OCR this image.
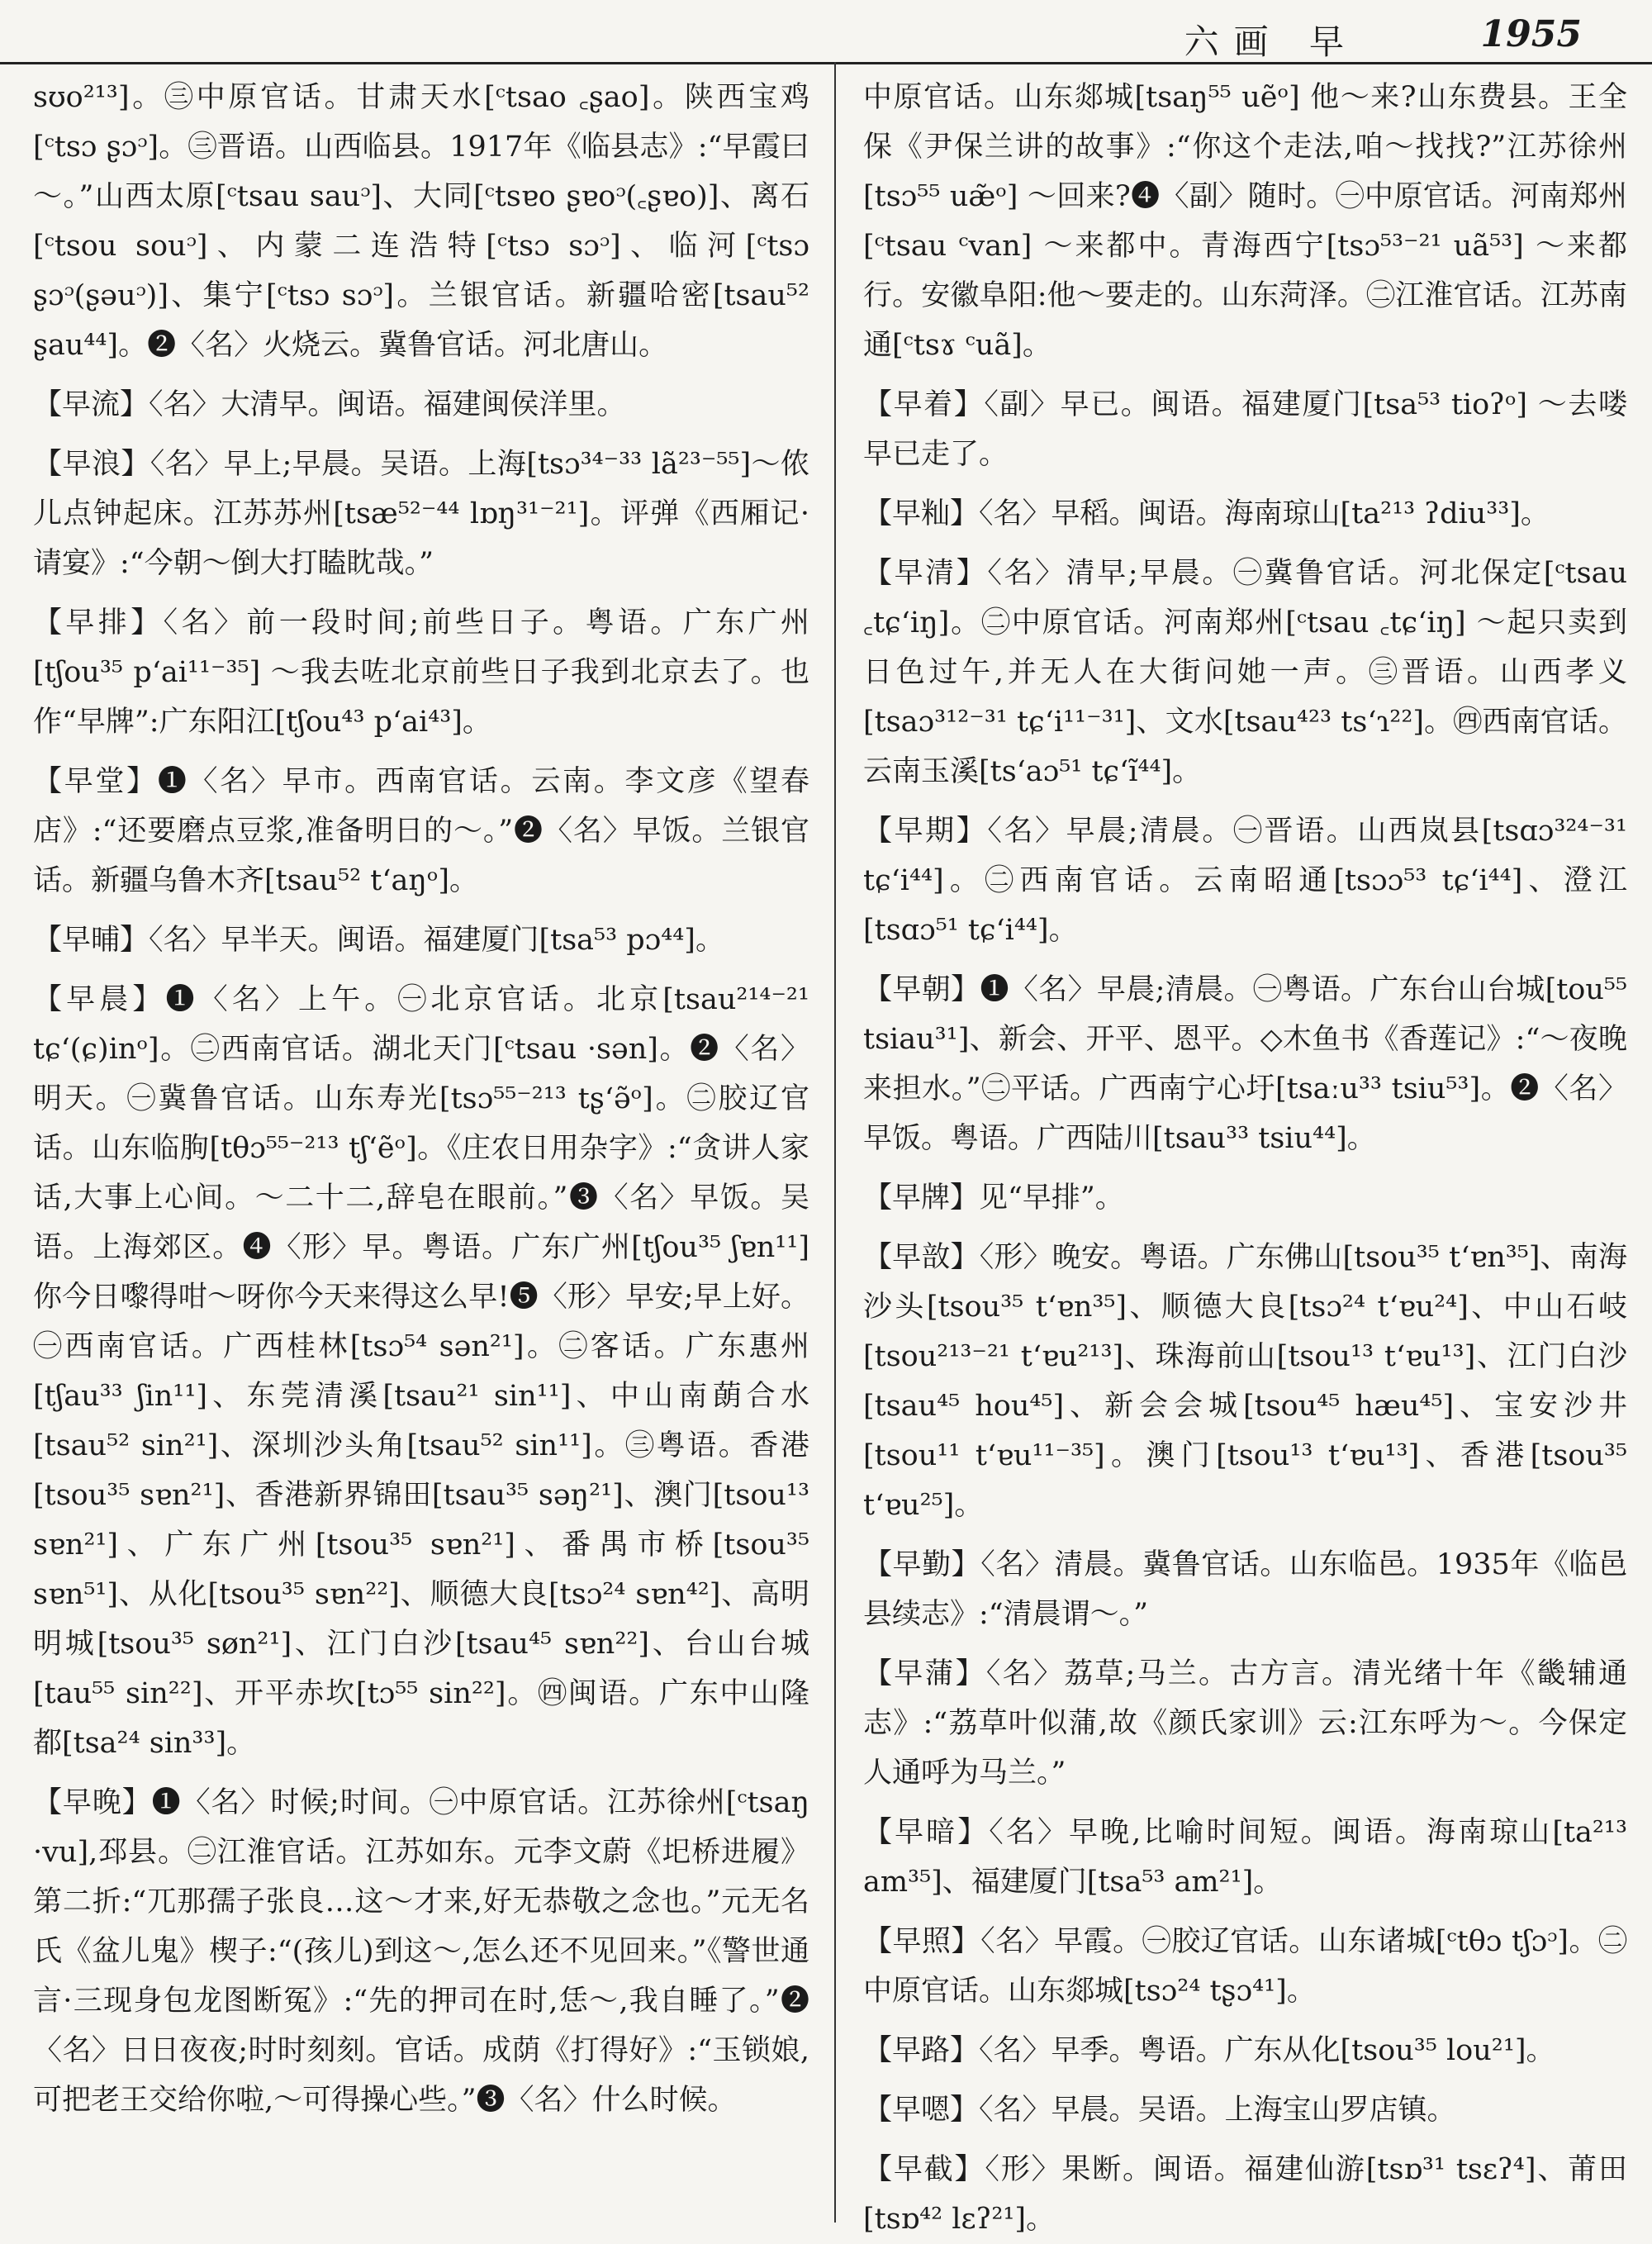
六画 早	1955

sʊo²¹³]。㊂中原官话。甘肃天水[ᶜtsao ꜀ʂao]。陕西宝鸡[ᶜtsɔ ʂɔᵓ]。㊂晋语。山西临县。1917年《临县志》:“早霞曰～。”山西太原[ᶜtsau sauᵓ]、大同[ᶜtsɐo ʂɐoᵓ(꜀ʂɐo)]、离石[ᶜtsou souᵓ]、内蒙二连浩特[ᶜtsɔ sɔᵓ]、临河[ᶜtsɔ ʂɔᵓ(ʂəuᵓ)]、集宁[ᶜtsɔ sɔᵓ]。兰银官话。新疆哈密[tsau⁵² ʂau⁴⁴]。❷〈名〉火烧云。冀鲁官话。河北唐山。

【早流】〈名〉大清早。闽语。福建闽侯洋里。

【早浪】〈名〉早上;早晨。吴语。上海[tsɔ³⁴⁻³³ lã²³⁻⁵⁵]～侬儿点钟起床。江苏苏州[tsæ⁵²⁻⁴⁴ lɒŋ³¹⁻²¹]。评弹《西厢记·请宴》:“今朝～倒大打瞌眈哉。”

【早排】〈名〉前一段时间;前些日子。粤语。广东广州[tʃou³⁵ pʻai¹¹⁻³⁵] ～我去咗北京前些日子我到北京去了。也作“早牌”:广东阳江[tʃou⁴³ pʻai⁴³]。

【早堂】❶〈名〉早市。西南官话。云南。李文彦《望春店》:“还要磨点豆浆,准备明日的～。”❷〈名〉早饭。兰银官话。新疆乌鲁木齐[tsau⁵² tʻaŋᵒ]。

【早晡】〈名〉早半天。闽语。福建厦门[tsa⁵³ pɔ⁴⁴]。

【早晨】❶〈名〉上午。㊀北京官话。北京[tsau²¹⁴⁻²¹ tɕʻ(ɕ)inᵒ]。㊁西南官话。湖北天门[ᶜtsau ·sən]。❷〈名〉明天。㊀冀鲁官话。山东寿光[tsɔ⁵⁵⁻²¹³ tʂʻə̃ᵒ]。㊁胶辽官话。山东临朐[tθɔ⁵⁵⁻²¹³ tʃʻẽᵒ]。《庄农日用杂字》:“贪讲人家话,大事上心间。～二十二,辞皂在眼前。”❸〈名〉早饭。吴语。上海郊区。❹〈形〉早。粤语。广东广州[tʃou³⁵ ʃɐn¹¹] 你今日嚟得咁～呀你今天来得这么早!❺〈形〉早安;早上好。㊀西南官话。广西桂林[tsɔ⁵⁴ sən²¹]。㊁客话。广东惠州[tʃau³³ ʃin¹¹]、东莞清溪[tsau²¹ sin¹¹]、中山南蓢合水[tsau⁵² sin²¹]、深圳沙头角[tsau⁵² sin¹¹]。㊂粤语。香港[tsou³⁵ sɐn²¹]、香港新界锦田[tsau³⁵ səŋ²¹]、澳门[tsou¹³ sɐn²¹]、广东广州[tsou³⁵ sɐn²¹]、番禺市桥[tsou³⁵ sɐn⁵¹]、从化[tsou³⁵ sɐn²²]、顺德大良[tsɔ²⁴ sɐn⁴²]、高明明城[tsou³⁵ søn²¹]、江门白沙[tsau⁴⁵ sɐn²²]、台山台城[tau⁵⁵ sin²²]、开平赤坎[tɔ⁵⁵ sin²²]。㊃闽语。广东中山隆都[tsa²⁴ sin³³]。

【早晚】❶〈名〉时候;时间。㊀中原官话。江苏徐州[ᶜtsaŋ ·vu],邳县。㊁江淮官话。江苏如东。元李文蔚《圯桥进履》第二折:“兀那孺子张良…这～才来,好无恭敬之念也。”元无名氏《盆儿鬼》楔子:“(孩儿)到这～,怎么还不见回来。”《警世通言·三现身包龙图断冤》:“先的押司在时,恁～,我自睡了。”❷〈名〉日日夜夜;时时刻刻。官话。成荫《打得好》:“玉锁娘,可把老王交给你啦,～可得操心些。”❸〈名〉什么时候。

中原官话。山东郯城[tsaŋ⁵⁵ uẽᵒ] 他～来?山东费县。王全保《尹保兰讲的故事》:“你这个走法,咱～找找?”江苏徐州[tsɔ⁵⁵ uæ̃ᵒ] ～回来?❹〈副〉随时。㊀中原官话。河南郑州[ᶜtsau ᶜvan] ～来都中。青海西宁[tsɔ⁵³⁻²¹ uã⁵³] ～来都行。安徽阜阳:他～要走的。山东菏泽。㊁江淮官话。江苏南通[ᶜtsɤ ᶜuã]。

【早着】〈副〉早已。闽语。福建厦门[tsa⁵³ tioʔᵒ] ～去喽早已走了。

【早籼】〈名〉早稻。闽语。海南琼山[ta²¹³ ʔdiu³³]。

【早清】〈名〉清早;早晨。㊀冀鲁官话。河北保定[ᶜtsau ꜀tɕʻiŋ]。㊁中原官话。河南郑州[ᶜtsau ꜀tɕʻiŋ] ～起只卖到日色过午,并无人在大街问她一声。㊂晋语。山西孝义[tsaɔ³¹²⁻³¹ tɕʻi¹¹⁻³¹]、文水[tsau⁴²³ tsʻɿ²²]。㊃西南官话。云南玉溪[tsʻaɔ⁵¹ tɕʻĩ⁴⁴]。

【早期】〈名〉早晨;清晨。㊀晋语。山西岚县[tsɑɔ³²⁴⁻³¹ tɕʻi⁴⁴]。㊁西南官话。云南昭通[tsɔɔ⁵³ tɕʻi⁴⁴]、澄江[tsɑɔ⁵¹ tɕʻi⁴⁴]。

【早朝】❶〈名〉早晨;清晨。㊀粤语。广东台山台城[tou⁵⁵ tsiau³¹]、新会、开平、恩平。◇木鱼书《香莲记》:“～夜晚来担水。”㊁平话。广西南宁心圩[tsaːu³³ tsiu⁵³]。❷〈名〉早饭。粤语。广西陆川[tsau³³ tsiu⁴⁴]。

【早牌】见“早排”。

【早敨】〈形〉晚安。粤语。广东佛山[tsou³⁵ tʻɐn³⁵]、南海沙头[tsou³⁵ tʻɐn³⁵]、顺德大良[tsɔ²⁴ tʻɐu²⁴]、中山石岐[tsou²¹³⁻²¹ tʻɐu²¹³]、珠海前山[tsou¹³ tʻɐu¹³]、江门白沙[tsau⁴⁵ hou⁴⁵]、新会会城[tsou⁴⁵ hæu⁴⁵]、宝安沙井[tsou¹¹ tʻɐu¹¹⁻³⁵]。澳门[tsou¹³ tʻɐu¹³]、香港[tsou³⁵ tʻɐu²⁵]。

【早勤】〈名〉清晨。冀鲁官话。山东临邑。1935年《临邑县续志》:“清晨谓～。”

【早蒲】〈名〉荔草;马兰。古方言。清光绪十年《畿辅通志》:“荔草叶似蒲,故《颜氏家训》云:江东呼为～。今保定人通呼为马兰。”

【早暗】〈名〉早晚,比喻时间短。闽语。海南琼山[ta²¹³ am³⁵]、福建厦门[tsa⁵³ am²¹]。

【早照】〈名〉早霞。㊀胶辽官话。山东诸城[ᶜtθɔ tʃɔᵓ]。㊁中原官话。山东郯城[tsɔ²⁴ tʂɔ⁴¹]。

【早路】〈名〉早季。粤语。广东从化[tsou³⁵ lou²¹]。

【早嗯】〈名〉早晨。吴语。上海宝山罗店镇。

【早截】〈形〉果断。闽语。福建仙游[tsɒ³¹ tsɛʔ⁴]、莆田[tsɒ⁴² lɛʔ²¹]。
